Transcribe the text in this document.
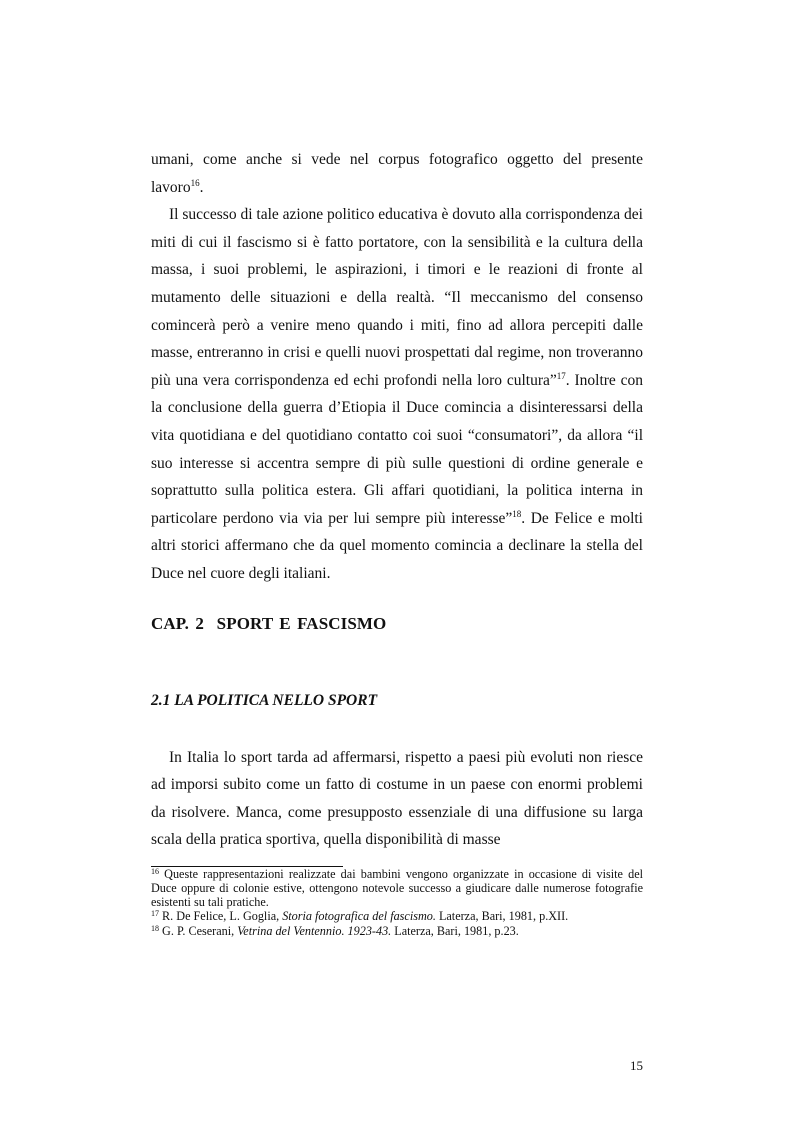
umani, come anche si vede nel corpus fotografico oggetto del presente lavoro$^{16}$.

Il successo di tale azione politico educativa è dovuto alla corrispondenza dei miti di cui il fascismo si è fatto portatore, con la sensibilità e la cultura della massa, i suoi problemi, le aspirazioni, i timori e le reazioni di fronte al mutamento delle situazioni e della realtà. “Il meccanismo del consenso comincerà però a venire meno quando i miti, fino ad allora percepiti dalle masse, entreranno in crisi e quelli nuovi prospettati dal regime, non troveranno più una vera corrispondenza ed echi profondi nella loro cultura”$^{17}$. Inoltre con la conclusione della guerra d’Etiopia il Duce comincia a disinteressarsi della vita quotidiana e del quotidiano contatto coi suoi “consumatori”, da allora “il suo interesse si accentra sempre di più sulle questioni di ordine generale e soprattutto sulla politica estera. Gli affari quotidiani, la politica interna in particolare perdono via via per lui sempre più interesse”$^{18}$. De Felice e molti altri storici affermano che da quel momento comincia a declinare la stella del Duce nel cuore degli italiani.

CAP. 2  SPORT E FASCISMO
2.1 LA POLITICA NELLO SPORT

In Italia lo sport tarda ad affermarsi, rispetto a paesi più evoluti non riesce ad imporsi subito come un fatto di costume in un paese con enormi problemi da risolvere. Manca, come presupposto essenziale di una diffusione su larga scala della pratica sportiva, quella disponibilità di masse

$^{16}$ Queste rappresentazioni realizzate dai bambini vengono organizzate in occasione di visite del Duce oppure di colonie estive, ottengono notevole successo a giudicare dalle numerose fotografie esistenti su tali pratiche.

$^{17}$ R. De Felice, L. Goglia, Storia fotografica del fascismo. Laterza, Bari, 1981, p.XII.

$^{18}$ G. P. Ceserani, Vetrina del Ventennio. 1923-43. Laterza, Bari, 1981, p.23.

15
